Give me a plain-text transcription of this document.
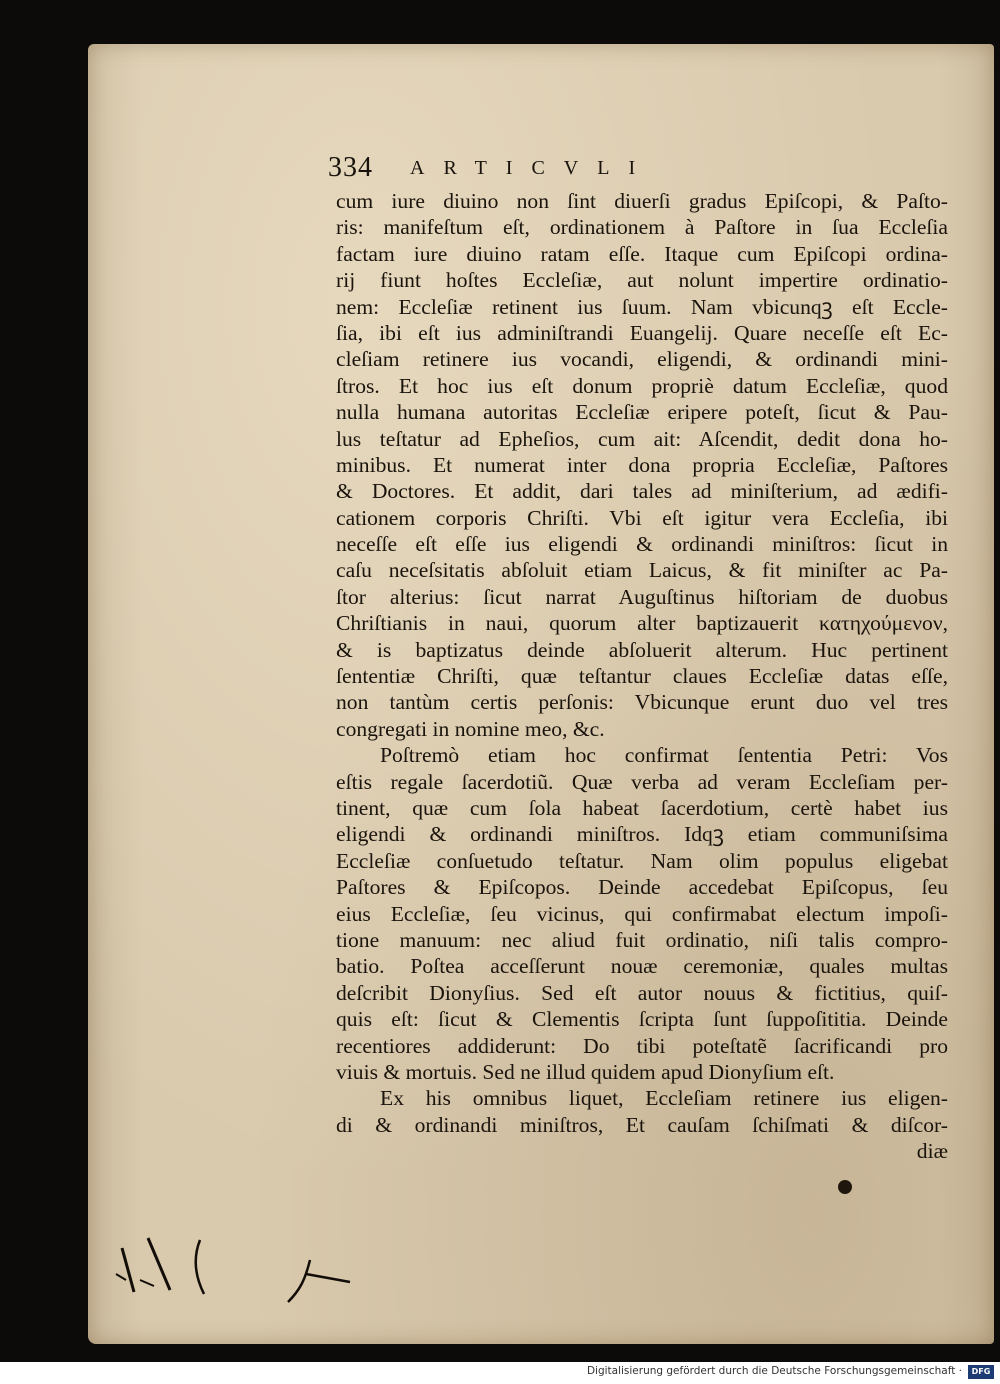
334 ARTICVLI
cum iure diuino non ſint diuerſi gradus Epiſcopi, & Paſto-
ris: manifeſtum eſt, ordinationem à Paſtore in ſua Eccleſia
factam iure diuino ratam eſſe. Itaque cum Epiſcopi ordina-
rij fiunt hoſtes Eccleſiæ, aut nolunt impertire ordinatio-
nem: Eccleſiæ retinent ius ſuum. Nam vbicunqꝫ eſt Eccle-
ſia, ibi eſt ius adminiſtrandi Euangelij. Quare neceſſe eſt Ec-
cleſiam retinere ius vocandi, eligendi, & ordinandi mini-
ſtros. Et hoc ius eſt donum propriè datum Eccleſiæ, quod
nulla humana autoritas Eccleſiæ eripere poteſt, ſicut & Pau-
lus teſtatur ad Epheſios, cum ait: Aſcendit, dedit dona ho-
minibus. Et numerat inter dona propria Eccleſiæ, Paſtores
& Doctores. Et addit, dari tales ad miniſterium, ad ædifi-
cationem corporis Chriſti. Vbi eſt igitur vera Eccleſia, ibi
neceſſe eſt eſſe ius eligendi & ordinandi miniſtros: ſicut in
caſu neceſsitatis abſoluit etiam Laicus, & fit miniſter ac Pa-
ſtor alterius: ſicut narrat Auguſtinus hiſtoriam de duobus
Chriſtianis in naui, quorum alter baptizauerit κατηχούμενον,
& is baptizatus deinde abſoluerit alterum. Huc pertinent
ſententiæ Chriſti, quæ teſtantur claues Eccleſiæ datas eſſe,
non tantùm certis perſonis: Vbicunque erunt duo vel tres
congregati in nomine meo, &c.
Poſtremò etiam hoc confirmat ſententia Petri: Vos
eſtis regale ſacerdotiũ. Quæ verba ad veram Eccleſiam per-
tinent, quæ cum ſola habeat ſacerdotium, certè habet ius
eligendi & ordinandi miniſtros. Idqꝫ etiam communiſsima
Eccleſiæ conſuetudo teſtatur. Nam olim populus eligebat
Paſtores & Epiſcopos. Deinde accedebat Epiſcopus, ſeu
eius Eccleſiæ, ſeu vicinus, qui confirmabat electum impoſi-
tione manuum: nec aliud fuit ordinatio, niſi talis compro-
batio. Poſtea acceſſerunt nouæ ceremoniæ, quales multas
deſcribit Dionyſius. Sed eſt autor nouus & fictitius, quiſ-
quis eſt: ſicut & Clementis ſcripta ſunt ſuppoſititia. Deinde
recentiores addiderunt: Do tibi poteſtatẽ ſacrificandi pro
viuis & mortuis. Sed ne illud quidem apud Dionyſium eſt.
Ex his omnibus liquet, Eccleſiam retinere ius eligen-
di & ordinandi miniſtros, Et cauſam ſchiſmati & diſcor-
diæ
Digitalisierung gefördert durch die Deutsche Forschungsgemeinschaft ·	DFG
